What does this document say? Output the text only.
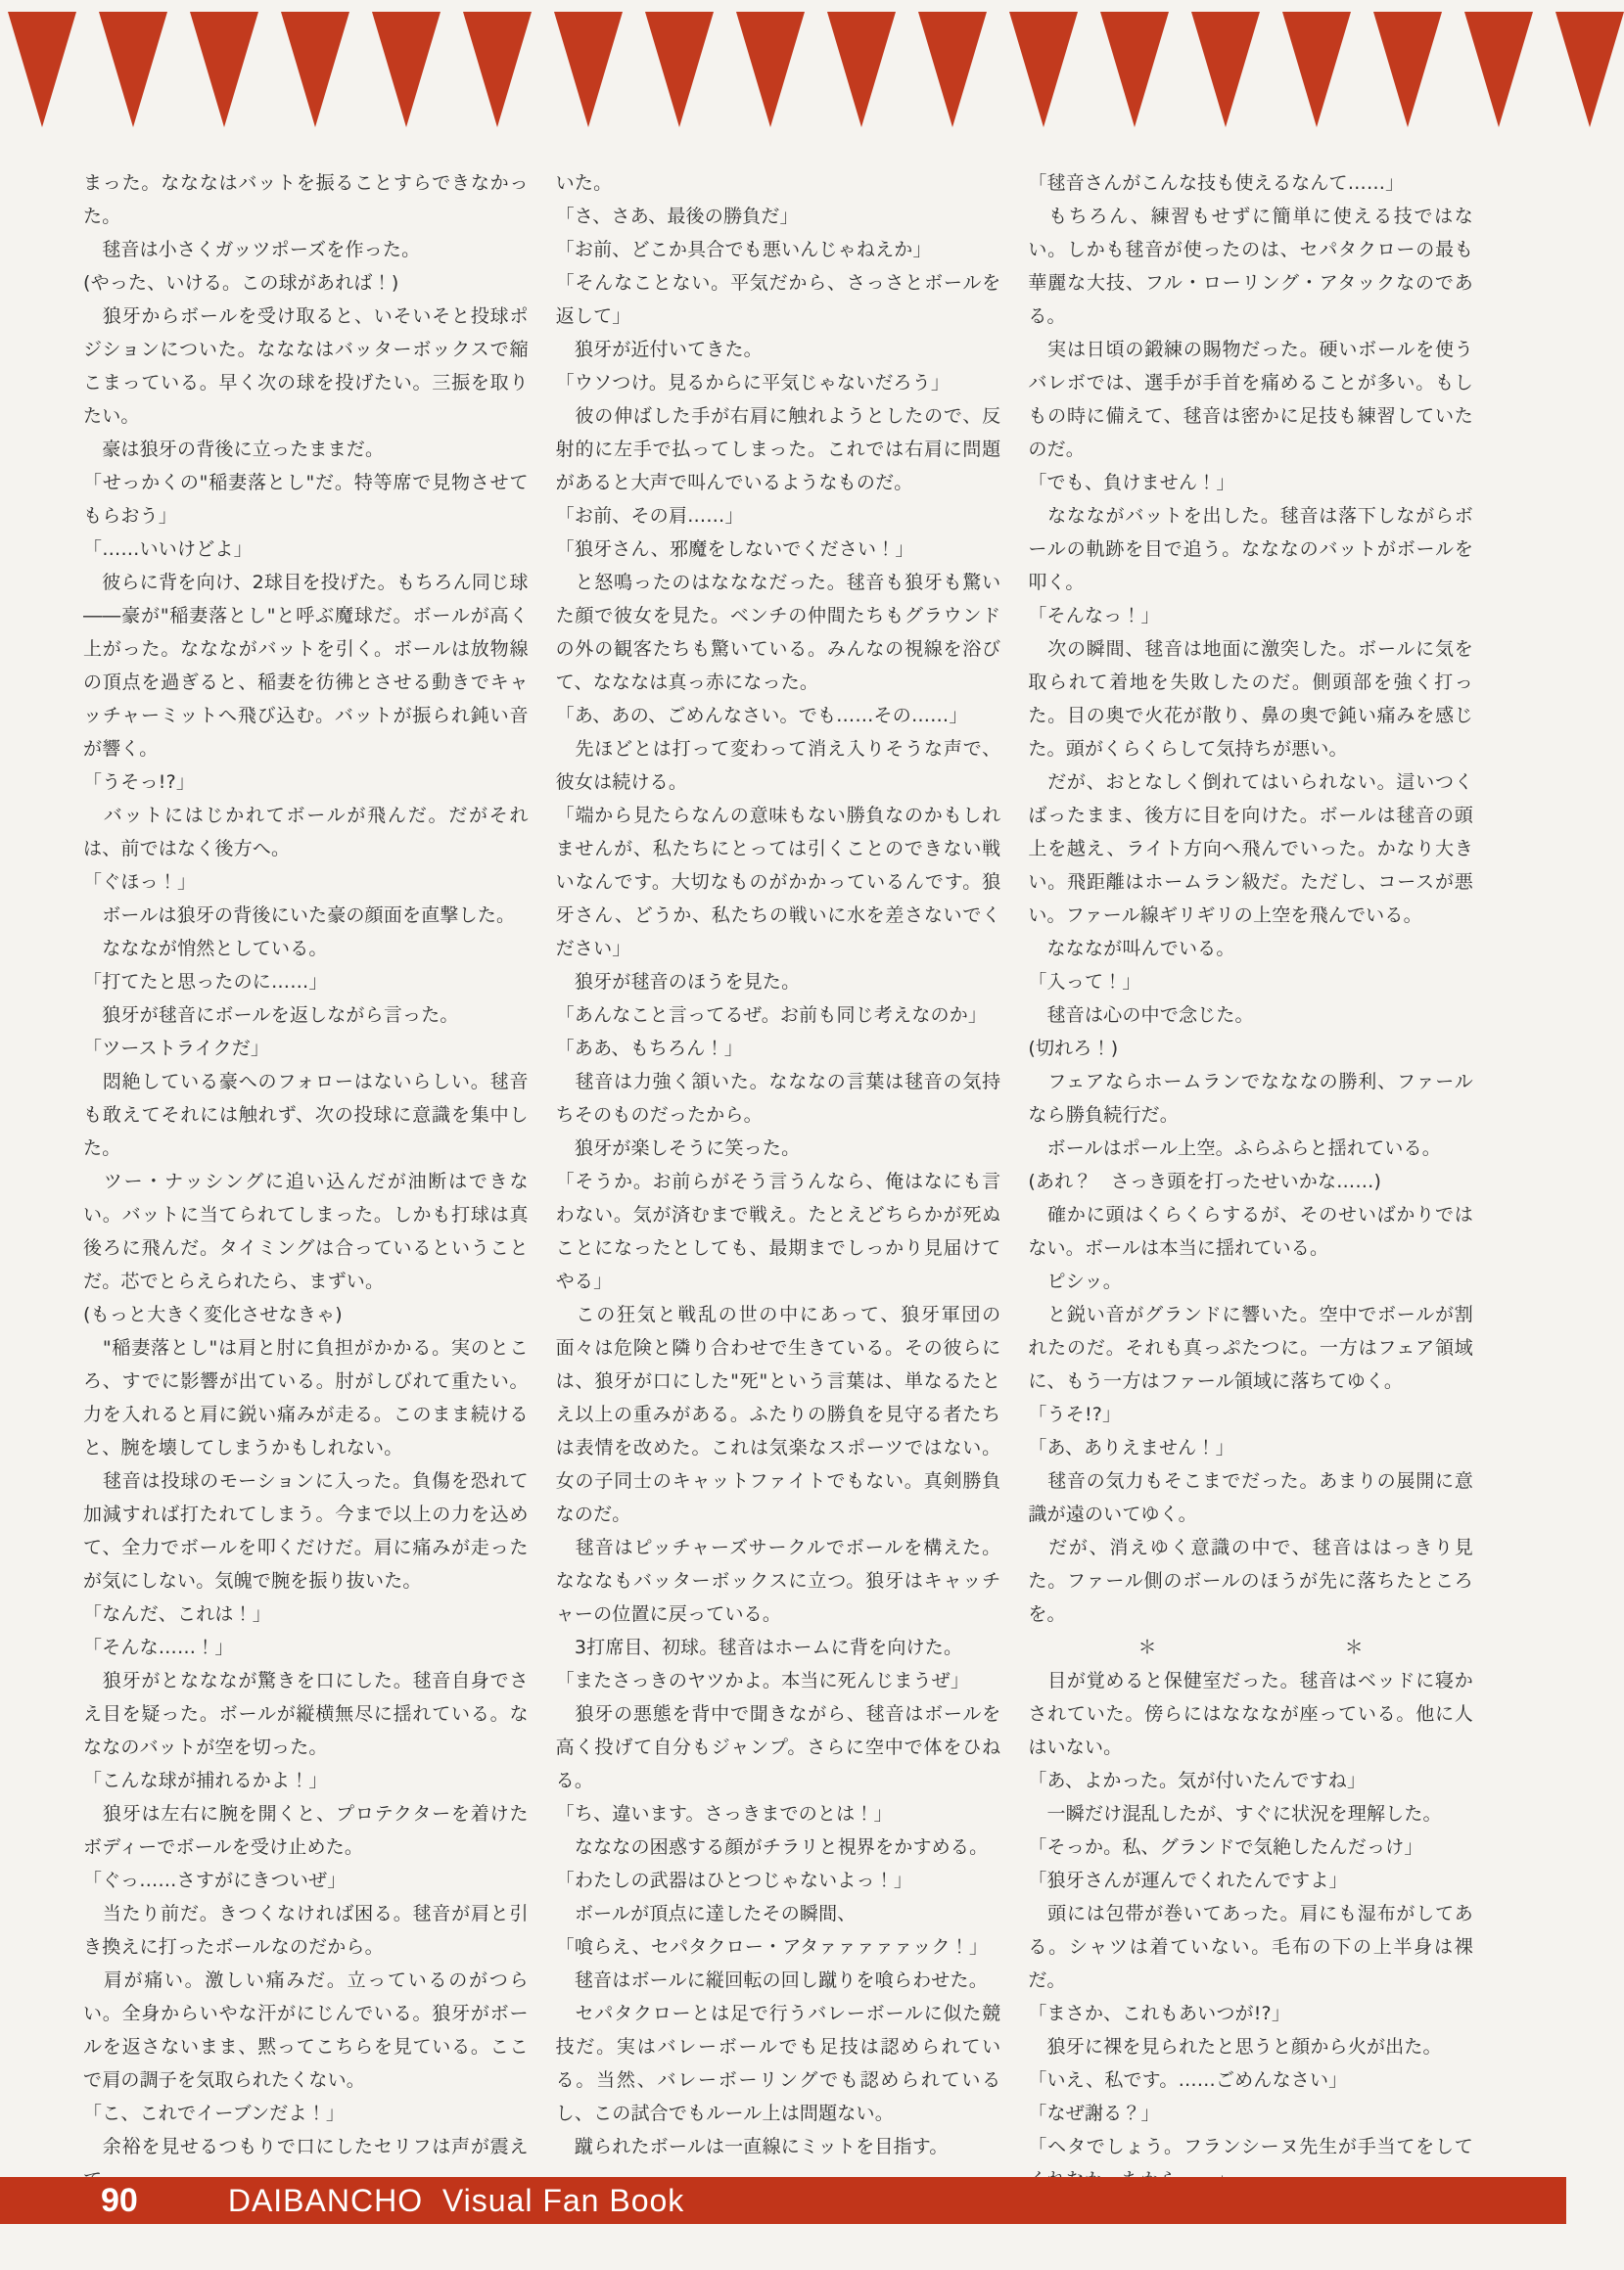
まった。なななはバットを振ることすらできなかった。

　毬音は小さくガッツポーズを作った。

(やった、いける。この球があれば！)

　狼牙からボールを受け取ると、いそいそと投球ポジションについた。なななはバッターボックスで縮こまっている。早く次の球を投げたい。三振を取りたい。

　豪は狼牙の背後に立ったままだ。

「せっかくの"稲妻落とし"だ。特等席で見物させてもらおう」

「……いいけどよ」

　彼らに背を向け、2球目を投げた。もちろん同じ球――豪が"稲妻落とし"と呼ぶ魔球だ。ボールが高く上がった。ななながバットを引く。ボールは放物線の頂点を過ぎると、稲妻を彷彿とさせる動きでキャッチャーミットへ飛び込む。バットが振られ鈍い音が響く。

「うそっ!?」

　バットにはじかれてボールが飛んだ。だがそれは、前ではなく後方へ。

「ぐほっ！」

　ボールは狼牙の背後にいた豪の顔面を直撃した。

　なななが悄然としている。

「打てたと思ったのに……」

　狼牙が毬音にボールを返しながら言った。

「ツーストライクだ」

　悶絶している豪へのフォローはないらしい。毬音も敢えてそれには触れず、次の投球に意識を集中した。

　ツー・ナッシングに追い込んだが油断はできない。バットに当てられてしまった。しかも打球は真後ろに飛んだ。タイミングは合っているということだ。芯でとらえられたら、まずい。

(もっと大きく変化させなきゃ)

　"稲妻落とし"は肩と肘に負担がかかる。実のところ、すでに影響が出ている。肘がしびれて重たい。力を入れると肩に鋭い痛みが走る。このまま続けると、腕を壊してしまうかもしれない。

　毬音は投球のモーションに入った。負傷を恐れて加減すれば打たれてしまう。今まで以上の力を込めて、全力でボールを叩くだけだ。肩に痛みが走ったが気にしない。気魄で腕を振り抜いた。

「なんだ、これは！」

「そんな……！」

　狼牙がとなななが驚きを口にした。毬音自身でさえ目を疑った。ボールが縦横無尽に揺れている。なななのバットが空を切った。

「こんな球が捕れるかよ！」

　狼牙は左右に腕を開くと、プロテクターを着けたボディーでボールを受け止めた。

「ぐっ……さすがにきついぜ」

　当たり前だ。きつくなければ困る。毬音が肩と引き換えに打ったボールなのだから。

　肩が痛い。激しい痛みだ。立っているのがつらい。全身からいやな汗がにじんでいる。狼牙がボールを返さないまま、黙ってこちらを見ている。ここで肩の調子を気取られたくない。

「こ、これでイーブンだよ！」

　余裕を見せるつもりで口にしたセリフは声が震え

いた。

「さ、さあ、最後の勝負だ」

「お前、どこか具合でも悪いんじゃねえか」

「そんなことない。平気だから、さっさとボールを返して」

　狼牙が近付いてきた。

「ウソつけ。見るからに平気じゃないだろう」

　彼の伸ばした手が右肩に触れようとしたので、反射的に左手で払ってしまった。これでは右肩に問題があると大声で叫んでいるようなものだ。

「お前、その肩……」

「狼牙さん、邪魔をしないでください！」

　と怒鳴ったのはなななだった。毬音も狼牙も驚いた顔で彼女を見た。ベンチの仲間たちもグラウンドの外の観客たちも驚いている。みんなの視線を浴びて、なななは真っ赤になった。

「あ、あの、ごめんなさい。でも……その……」

　先ほどとは打って変わって消え入りそうな声で、彼女は続ける。

「端から見たらなんの意味もない勝負なのかもしれませんが、私たちにとっては引くことのできない戦いなんです。大切なものがかかっているんです。狼牙さん、どうか、私たちの戦いに水を差さないでください」

　狼牙が毬音のほうを見た。

「あんなこと言ってるぜ。お前も同じ考えなのか」

「ああ、もちろん！」

　毬音は力強く頷いた。なななの言葉は毬音の気持ちそのものだったから。

　狼牙が楽しそうに笑った。

「そうか。お前らがそう言うんなら、俺はなにも言わない。気が済むまで戦え。たとえどちらかが死ぬことになったとしても、最期までしっかり見届けてやる」

　この狂気と戦乱の世の中にあって、狼牙軍団の面々は危険と隣り合わせで生きている。その彼らには、狼牙が口にした"死"という言葉は、単なるたとえ以上の重みがある。ふたりの勝負を見守る者たちは表情を改めた。これは気楽なスポーツではない。女の子同士のキャットファイトでもない。真剣勝負なのだ。

　毬音はピッチャーズサークルでボールを構えた。なななもバッターボックスに立つ。狼牙はキャッチャーの位置に戻っている。

　3打席目、初球。毬音はホームに背を向けた。

「またさっきのヤツかよ。本当に死んじまうぜ」

　狼牙の悪態を背中で聞きながら、毬音はボールを高く投げて自分もジャンプ。さらに空中で体をひねる。

「ち、違います。さっきまでのとは！」

　なななの困惑する顔がチラリと視界をかすめる。

「わたしの武器はひとつじゃないよっ！」

　ボールが頂点に達したその瞬間、

「喰らえ、セパタクロー・アタァァァァァック！」

　毬音はボールに縦回転の回し蹴りを喰らわせた。

　セパタクローとは足で行うバレーボールに似た競技だ。実はバレーボールでも足技は認められている。当然、バレーボーリングでも認められているし、この試合でもルール上は問題ない。

　蹴られたボールは一直線にミットを目指す。

「毬音さんがこんな技も使えるなんて……」

　もちろん、練習もせずに簡単に使える技ではない。しかも毬音が使ったのは、セパタクローの最も華麗な大技、フル・ローリング・アタックなのである。

　実は日頃の鍛練の賜物だった。硬いボールを使うバレボでは、選手が手首を痛めることが多い。もしもの時に備えて、毬音は密かに足技も練習していたのだ。

「でも、負けません！」

　ななながバットを出した。毬音は落下しながらボールの軌跡を目で追う。なななのバットがボールを叩く。

「そんなっ！」

　次の瞬間、毬音は地面に激突した。ボールに気を取られて着地を失敗したのだ。側頭部を強く打った。目の奥で火花が散り、鼻の奥で鈍い痛みを感じた。頭がくらくらして気持ちが悪い。

　だが、おとなしく倒れてはいられない。這いつくばったまま、後方に目を向けた。ボールは毬音の頭上を越え、ライト方向へ飛んでいった。かなり大きい。飛距離はホームラン級だ。ただし、コースが悪い。ファール線ギリギリの上空を飛んでいる。

　なななが叫んでいる。

「入って！」

　毬音は心の中で念じた。

(切れろ！)

　フェアならホームランでなななの勝利、ファールなら勝負続行だ。

　ボールはポール上空。ふらふらと揺れている。

(あれ？　さっき頭を打ったせいかな……)

　確かに頭はくらくらするが、そのせいばかりではない。ボールは本当に揺れている。

　ピシッ。

　と鋭い音がグランドに響いた。空中でボールが割れたのだ。それも真っぷたつに。一方はフェア領域に、もう一方はファール領域に落ちてゆく。

「うそ!?」

「あ、ありえません！」

　毬音の気力もそこまでだった。あまりの展開に意識が遠のいてゆく。

　だが、消えゆく意識の中で、毬音ははっきり見た。ファール側のボールのほうが先に落ちたところを。

＊　　　　　　　　　　＊

　目が覚めると保健室だった。毬音はベッドに寝かされていた。傍らにはなななが座っている。他に人はいない。

「あ、よかった。気が付いたんですね」

　一瞬だけ混乱したが、すぐに状況を理解した。

「そっか。私、グランドで気絶したんだっけ」

「狼牙さんが運んでくれたんですよ」

　頭には包帯が巻いてあった。肩にも湿布がしてある。シャツは着ていない。毛布の下の上半身は裸だ。

「まさか、これもあいつが!?」

　狼牙に裸を見られたと思うと顔から火が出た。

「いえ、私です。……ごめんなさい」

「なぜ謝る？」

「ヘタでしょう。フランシーヌ先生が手当てをして

90	DAIBANCHO  Visual Fan Book
